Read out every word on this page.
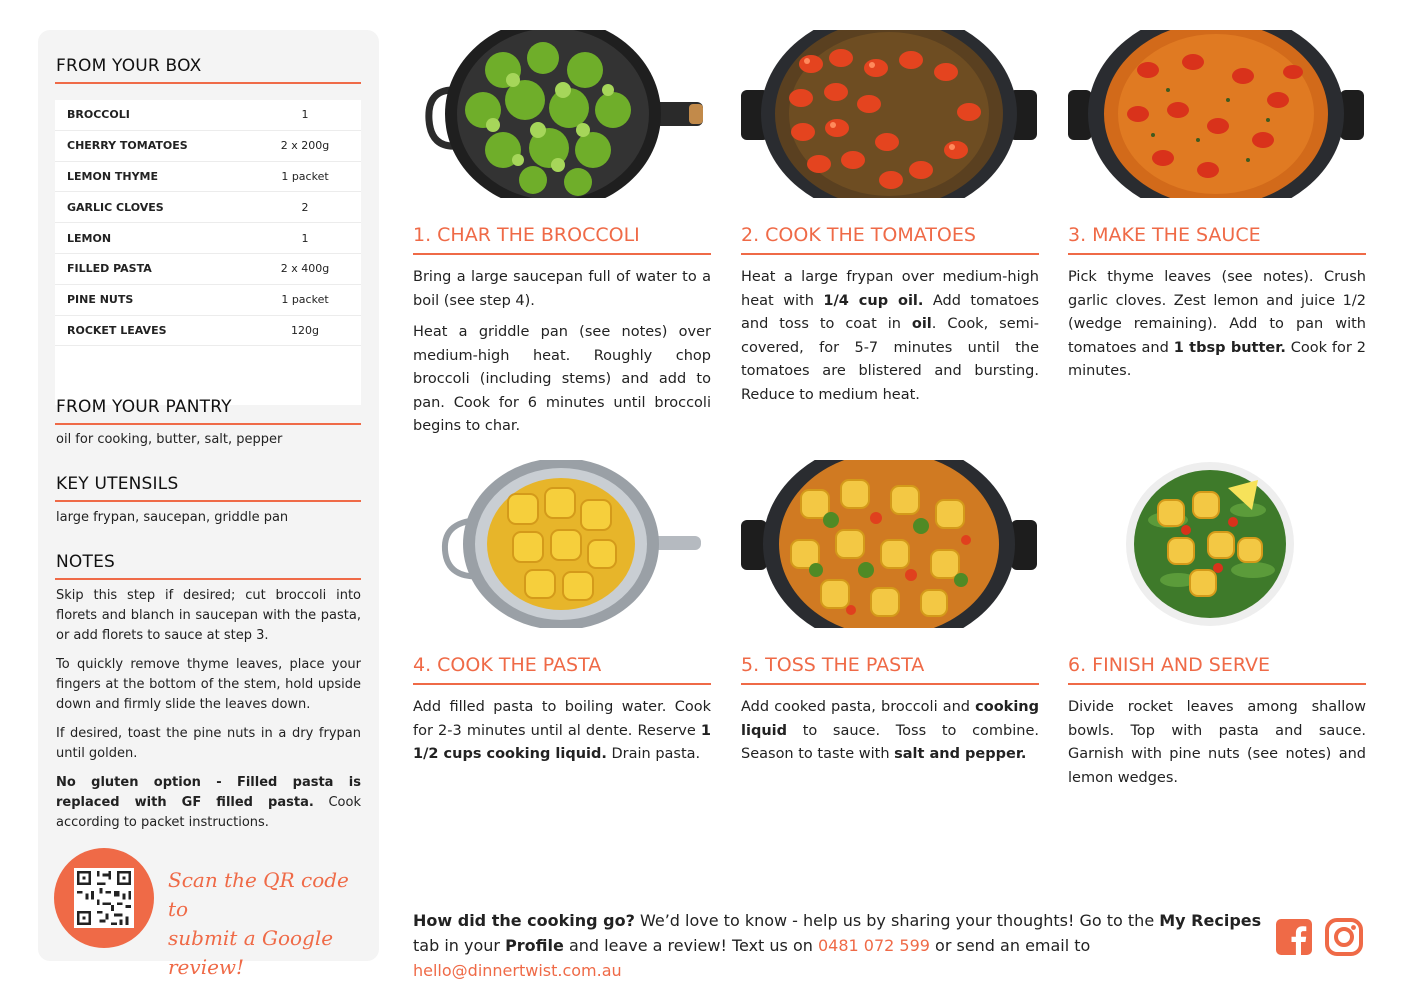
FROM YOUR BOX
BROCCOLI	1
CHERRY TOMATOES	2 x 200g
LEMON THYME	1 packet
GARLIC CLOVES	2
LEMON	1
FILLED PASTA	2 x 400g
PINE NUTS	1 packet
ROCKET LEAVES	120g
FROM YOUR PANTRY
oil for cooking, butter, salt, pepper
KEY UTENSILS
large frypan, saucepan, griddle pan
NOTES

Skip this step if desired; cut broccoli into florets and blanch in saucepan with the pasta, or add florets to sauce at step 3.

To quickly remove thyme leaves, place your fingers at the bottom of the stem, hold upside down and firmly slide the leaves down.

If desired, toast the pine nuts in a dry frypan until golden.

No gluten option - Filled pasta is replaced with GF filled pasta. Cook according to packet instructions.

Scan the QR code to
submit a Google review!
1. CHAR THE BROCCOLI

Bring a large saucepan full of water to a boil (see step 4).

Heat a griddle pan (see notes) over medium-high heat. Roughly chop broccoli (including stems) and add to pan. Cook for 6 minutes until broccoli begins to char.

2. COOK THE TOMATOES

Heat a large frypan over medium-high heat with 1/4 cup oil. Add tomatoes and toss to coat in oil. Cook, semi-covered, for 5-7 minutes until the tomatoes are blistered and bursting. Reduce to medium heat.

3. MAKE THE SAUCE

Pick thyme leaves (see notes). Crush garlic cloves. Zest lemon and juice 1/2 (wedge remaining). Add to pan with tomatoes and 1 tbsp butter. Cook for 2 minutes.

4. COOK THE PASTA

Add filled pasta to boiling water. Cook for 2-3 minutes until al dente. Reserve 1 1/2 cups cooking liquid. Drain pasta.

5. TOSS THE PASTA

Add cooked pasta, broccoli and cooking liquid to sauce. Toss to combine. Season to taste with salt and pepper.

6. FINISH AND SERVE

Divide rocket leaves among shallow bowls. Top with pasta and sauce. Garnish with pine nuts (see notes) and lemon wedges.

How did the cooking go? We’d love to know - help us by sharing your thoughts! Go to the My Recipes tab in your Profile and leave a review! Text us on 0481 072 599 or send an email to hello@dinnertwist.com.au
